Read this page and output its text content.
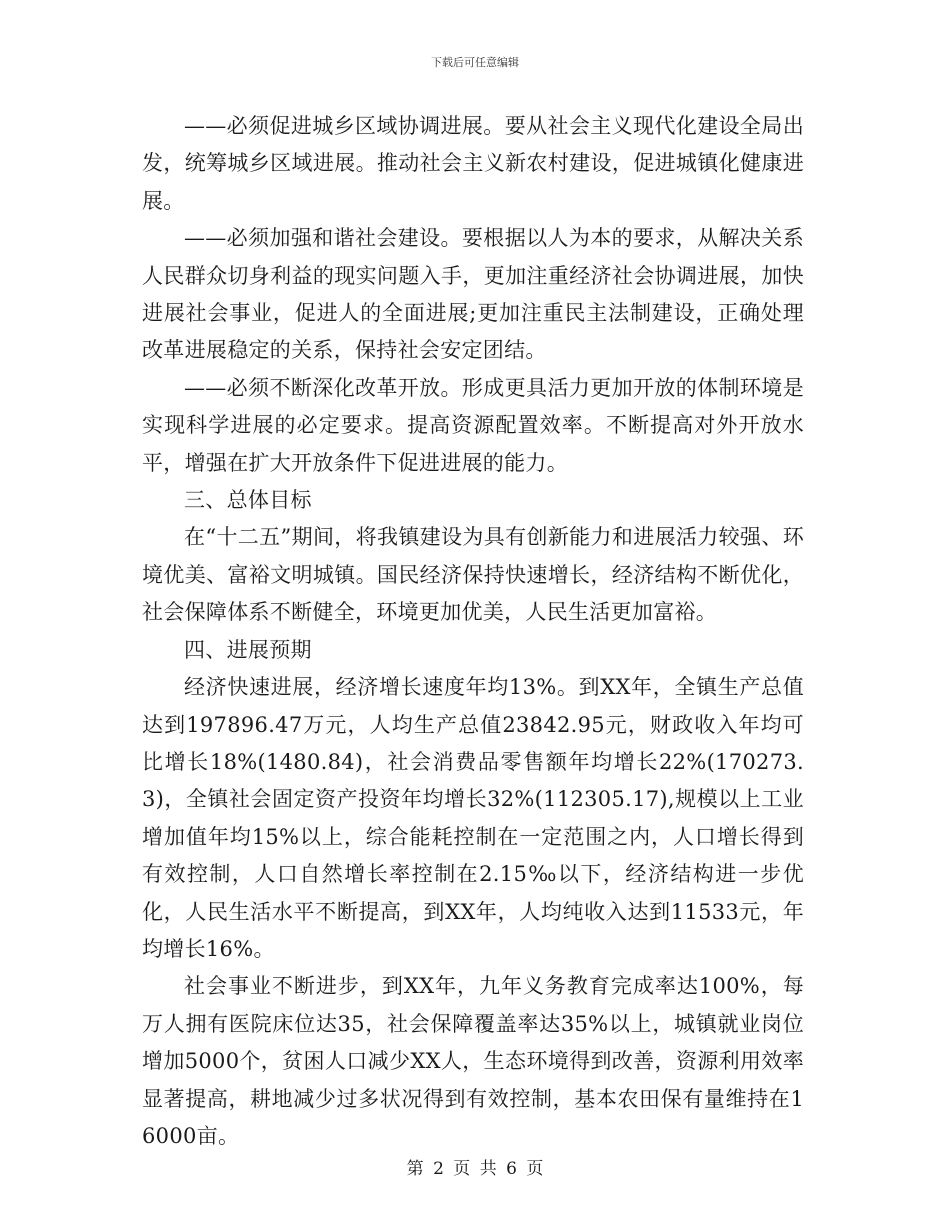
下载后可任意编辑

——必须促进城乡区域协调进展。要从社会主义现代化建设全局出发，统筹城乡区域进展。推动社会主义新农村建设，促进城镇化健康进展。

——必须加强和谐社会建设。要根据以人为本的要求，从解决关系人民群众切身利益的现实问题入手，更加注重经济社会协调进展，加快进展社会事业，促进人的全面进展;更加注重民主法制建设，正确处理改革进展稳定的关系，保持社会安定团结。

——必须不断深化改革开放。形成更具活力更加开放的体制环境是实现科学进展的必定要求。提高资源配置效率。不断提高对外开放水平，增强在扩大开放条件下促进进展的能力。

三、总体目标

在“十二五”期间，将我镇建设为具有创新能力和进展活力较强、环境优美、富裕文明城镇。国民经济保持快速增长，经济结构不断优化，社会保障体系不断健全，环境更加优美，人民生活更加富裕。

四、进展预期

经济快速进展，经济增长速度年均13%。到XX年，全镇生产总值达到197896.47万元，人均生产总值23842.95元，财政收入年均可比增长18%(1480.84)，社会消费品零售额年均增长22%(170273.3)，全镇社会固定资产投资年均增长32%(112305.17),规模以上工业增加值年均15%以上，综合能耗控制在一定范围之内，人口增长得到有效控制，人口自然增长率控制在2.15‰以下，经济结构进一步优化，人民生活水平不断提高，到XX年，人均纯收入达到11533元，年均增长16%。

社会事业不断进步，到XX年，九年义务教育完成率达100%，每万人拥有医院床位达35，社会保障覆盖率达35%以上，城镇就业岗位增加5000个，贫困人口减少XX人，生态环境得到改善，资源利用效率显著提高，耕地减少过多状况得到有效控制，基本农田保有量维持在16000亩。

第 2 页 共 6 页
